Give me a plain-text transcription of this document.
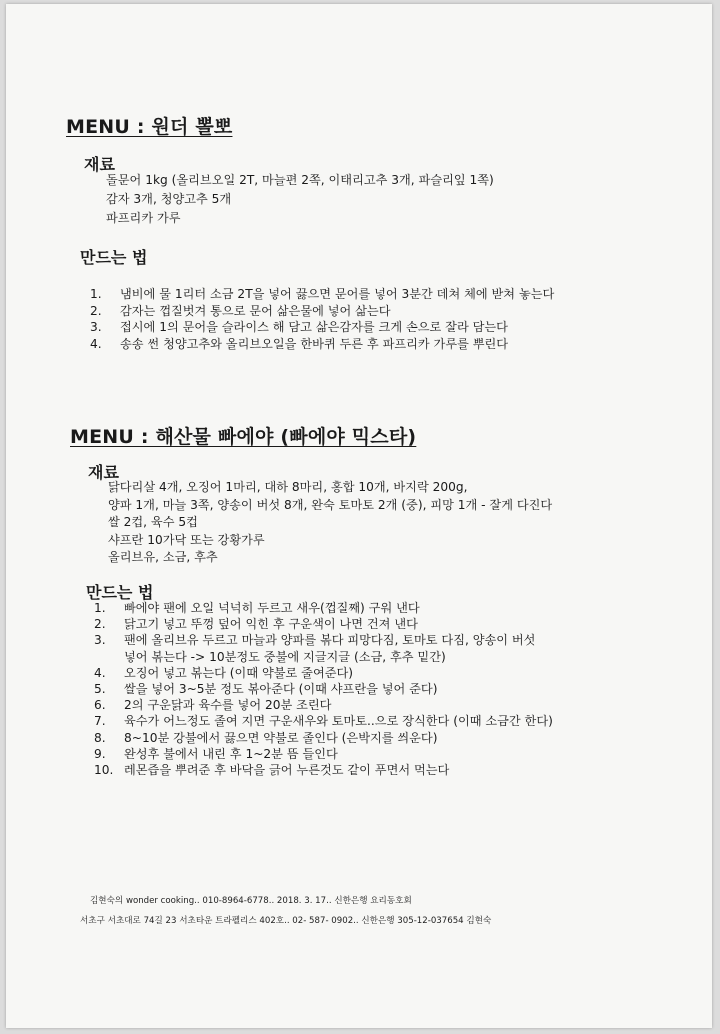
MENU : 원더 뽈뽀
재료
돌문어 1kg (올리브오일 2T, 마늘편 2쪽, 이태리고추 3개, 파슬리잎 1쪽)
감자 3개, 청양고추 5개
파프리카 가루
만드는 법
1.	냄비에 물 1리터 소금 2T을 넣어 끓으면 문어를 넣어 3분간 데쳐 체에 받쳐 놓는다
2.	감자는 껍질벗겨 통으로 문어 삶은물에 넣어 삶는다
3.	접시에 1의 문어을 슬라이스 해 담고 삶은감자를 크게 손으로 잘라 담는다
4.	송송 썬 청양고추와 올리브오일을 한바퀴 두른 후 파프리카 가루를 뿌린다
MENU : 해산물 빠에야 (빠에야 믹스타)
재료
닭다리살 4개, 오징어 1마리, 대하 8마리, 홍합 10개, 바지락 200g,
양파 1개, 마늘 3쪽, 양송이 버섯 8개, 완숙 토마토 2개 (중), 피망 1개 - 잘게 다진다
쌀 2컵, 육수 5컵
샤프란 10가닥 또는 강황가루
올리브유, 소금, 후추
만드는 법
1.	빠에야 팬에 오일 넉넉히 두르고 새우(껍질째) 구워 낸다
2.	닭고기 넣고 뚜껑 덮어 익힌 후 구운색이 나면 건져 낸다
3.	팬에 올리브유 두르고 마늘과 양파를 볶다 피망다짐, 토마토 다짐, 양송이 버섯
넣어 볶는다 -> 10분정도 중불에 지글지글 (소금, 후추 밑간)
4.	오징어 넣고 볶는다 (이때 약불로 줄여준다)
5.	쌀을 넣어 3~5분 정도 볶아준다 (이때 샤프란을 넣어 준다)
6.	2의 구운닭과 육수를 넣어 20분 조린다
7.	육수가 어느정도 졸여 지면 구운새우와 토마토..으로 장식한다 (이때 소금간 한다)
8.	8~10분 강불에서 끓으면 약불로 졸인다 (은박지를 씌운다)
9.	완성후 불에서 내린 후 1~2분 뜸 들인다
10. 레몬즙을 뿌려준 후 바닥을 긁어 누른것도 같이 푸면서 먹는다
김현숙의 wonder cooking.. 010-8964-6778.. 2018. 3. 17.. 신한은행 요리동호회
서초구 서초대로 74길 23 서초타운 트라펠리스 402호.. 02- 587- 0902.. 신한은행 305-12-037654 김현숙
